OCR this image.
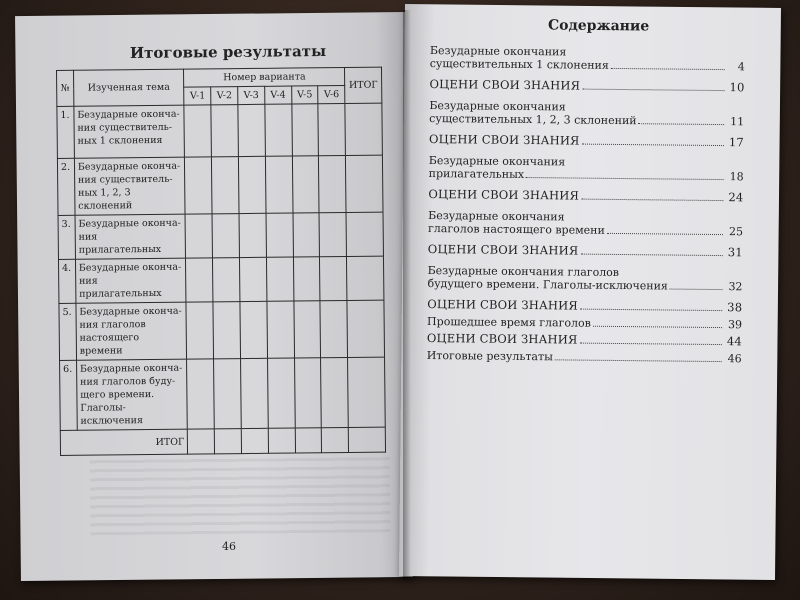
Итоговые результаты
№	Изученная тема	Номер варианта						ИТОГ
		V-1	V-2	V-3	V-4	V-5	V-6	
1.	Безударные окончания существительных 1 склонения							
2.	Безударные окончания существительных 1, 2, 3 склонений							
3.	Безударные окончания прилагательных							
4.	Безударные окончания прилагательных							
5.	Безударные окончания глаголов настоящего времени							
6.	Безударные окончания глаголов будущего времени. Глаголы-исключения							
ИТОГ								
46
Содержание
Безударные окончания
существительных 1 склонения	4
ОЦЕНИ СВОИ ЗНАНИЯ	10
Безударные окончания
существительных 1, 2, 3 склонений	11
ОЦЕНИ СВОИ ЗНАНИЯ	17
Безударные окончания
прилагательных	18
ОЦЕНИ СВОИ ЗНАНИЯ	24
Безударные окончания
глаголов настоящего времени	25
ОЦЕНИ СВОИ ЗНАНИЯ	31
Безударные окончания глаголов
будущего времени. Глаголы-исключения	32
ОЦЕНИ СВОИ ЗНАНИЯ	38
Прошедшее время глаголов	39
ОЦЕНИ СВОИ ЗНАНИЯ	44
Итоговые результаты	46
